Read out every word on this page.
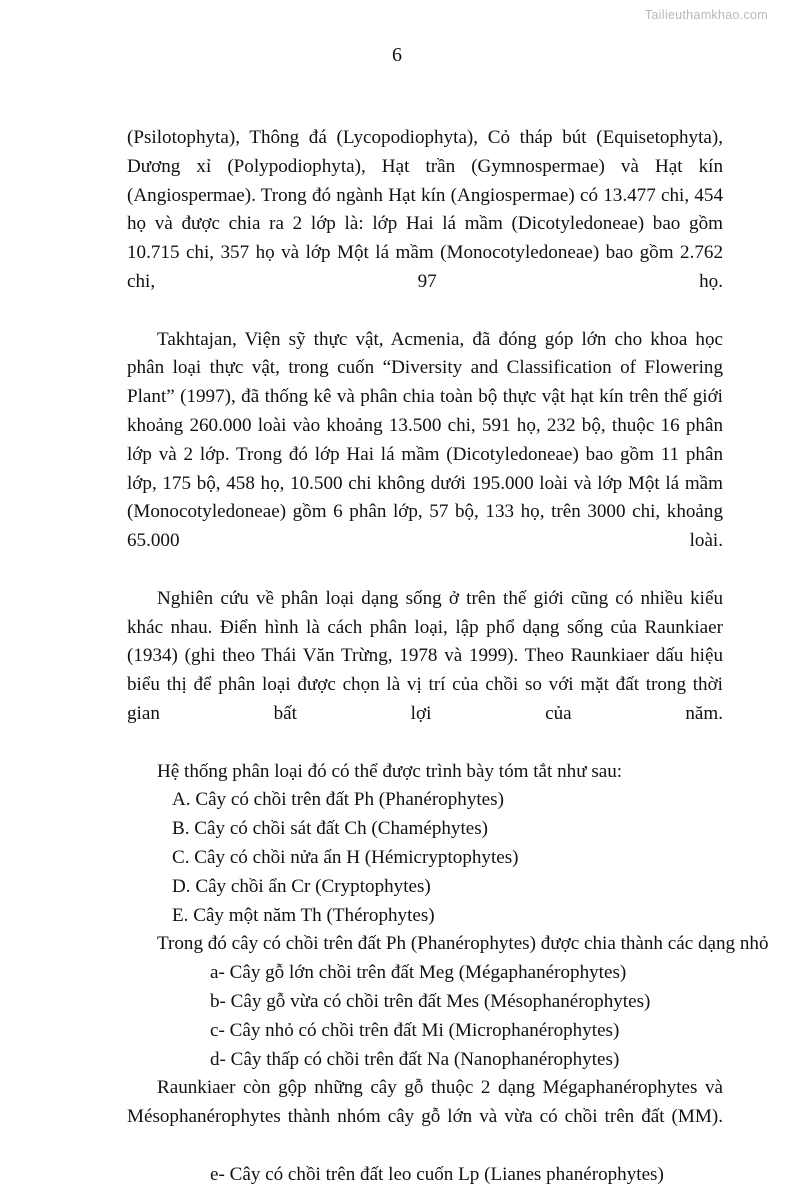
Tailieuthamkhao.com
6

(Psilotophyta), Thông đá (Lycopodiophyta), Cỏ tháp bút (Equisetophyta), Dương xỉ (Polypodiophyta), Hạt trần (Gymnospermae) và Hạt kín (Angiospermae). Trong đó ngành Hạt kín (Angiospermae) có 13.477 chi, 454 họ và được chia ra 2 lớp là: lớp Hai lá mầm (Dicotyledoneae) bao gồm 10.715 chi, 357 họ và lớp Một lá mầm (Monocotyledoneae) bao gồm 2.762 chi, 97 họ.

Takhtajan, Viện sỹ thực vật, Acmenia, đã đóng góp lớn cho khoa học phân loại thực vật, trong cuốn “Diversity and Classification of Flowering Plant” (1997), đã thống kê và phân chia toàn bộ thực vật hạt kín trên thế giới khoảng 260.000 loài vào khoảng 13.500 chi, 591 họ, 232 bộ, thuộc 16 phân lớp và 2 lớp. Trong đó lớp Hai lá mầm (Dicotyledoneae) bao gồm 11 phân lớp, 175 bộ, 458 họ, 10.500 chi không dưới 195.000 loài và lớp Một lá mầm (Monocotyledoneae) gồm 6 phân lớp, 57 bộ, 133 họ, trên 3000 chi, khoảng 65.000 loài.

Nghiên cứu về phân loại dạng sống ở trên thế giới cũng có nhiều kiểu khác nhau. Điển hình là cách phân loại, lập phổ dạng sống của Raunkiaer (1934) (ghi theo Thái Văn Trừng, 1978 và 1999). Theo Raunkiaer dấu hiệu biểu thị để phân loại được chọn là vị trí của chồi so với mặt đất trong thời gian bất lợi của năm.

Hệ thống phân loại đó có thể được trình bày tóm tắt như sau:

A. Cây có chồi trên đất Ph (Phanérophytes)

B. Cây có chồi sát đất Ch (Chaméphytes)

C. Cây có chồi nửa ẩn H (Hémicryptophytes)

D. Cây chồi ẩn Cr (Cryptophytes)

E. Cây một năm Th (Thérophytes)

Trong đó cây có chồi trên đất Ph (Phanérophytes) được chia thành các dạng nhỏ

a- Cây gỗ lớn chồi trên đất Meg (Mégaphanérophytes)

b- Cây gỗ vừa có chồi trên đất Mes (Mésophanérophytes)

c- Cây nhỏ có chồi trên đất Mi (Microphanérophytes)

d- Cây thấp có chồi trên đất Na (Nanophanérophytes)

Raunkiaer còn gộp những cây gỗ thuộc 2 dạng Mégaphanérophytes và Mésophanérophytes thành nhóm cây gỗ lớn và vừa có chồi trên đất (MM).

e- Cây có chồi trên đất leo cuốn Lp (Lianes phanérophytes)
